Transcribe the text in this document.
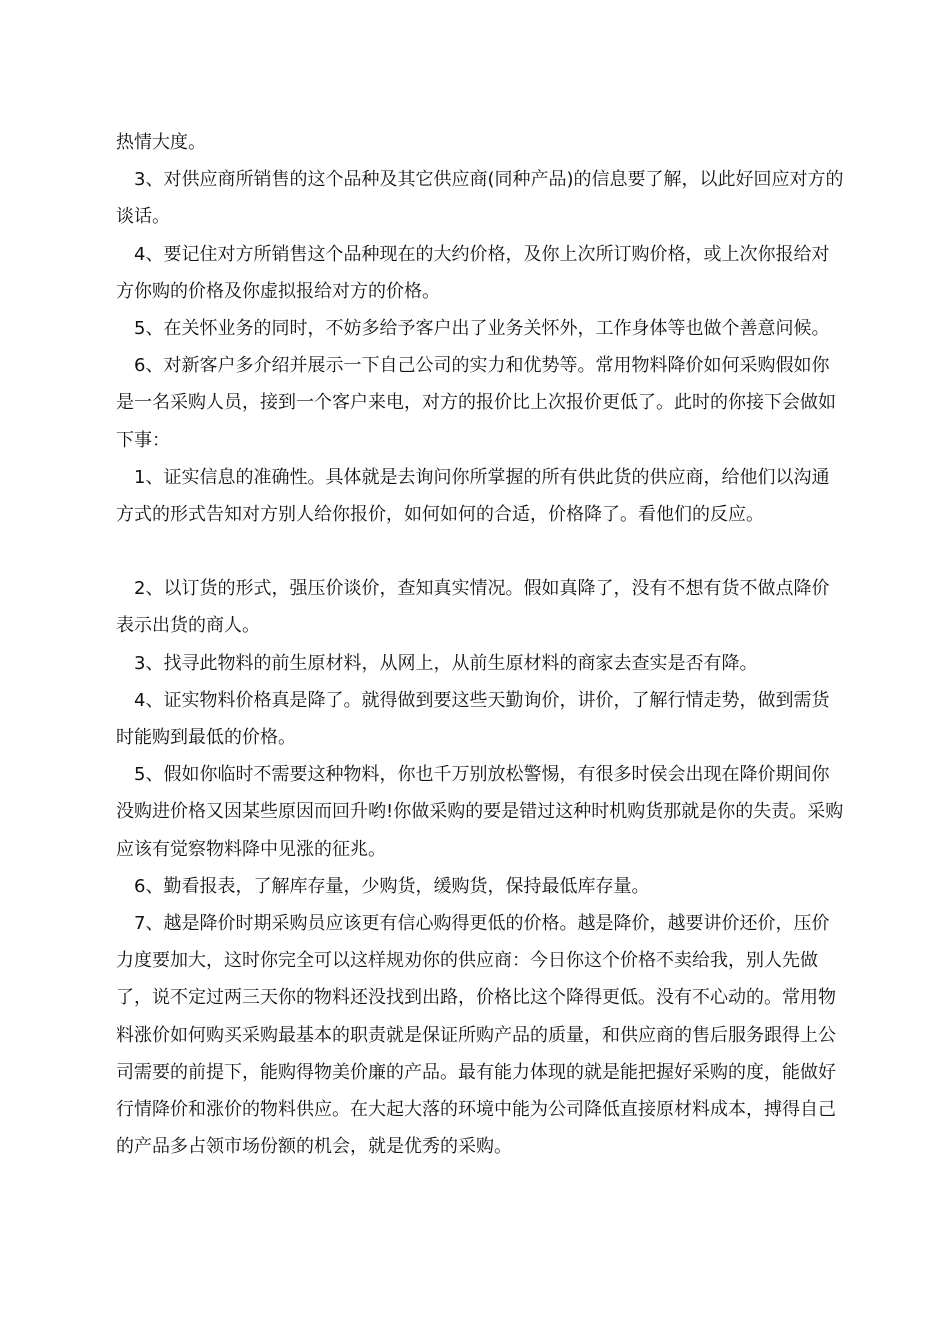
热情大度。

3、对供应商所销售的这个品种及其它供应商(同种产品)的信息要了解，以此好回应对方的谈话。

4、要记住对方所销售这个品种现在的大约价格，及你上次所订购价格，或上次你报给对方你购的价格及你虚拟报给对方的价格。

5、在关怀业务的同时，不妨多给予客户出了业务关怀外，工作身体等也做个善意问候。

6、对新客户多介绍并展示一下自己公司的实力和优势等。常用物料降价如何采购假如你是一名采购人员，接到一个客户来电，对方的报价比上次报价更低了。此时的你接下会做如下事：

1、证实信息的准确性。具体就是去询问你所掌握的所有供此货的供应商，给他们以沟通方式的形式告知对方别人给你报价，如何如何的合适，价格降了。看他们的反应。

2、以订货的形式，强压价谈价，查知真实情况。假如真降了，没有不想有货不做点降价表示出货的商人。

3、找寻此物料的前生原材料，从网上，从前生原材料的商家去查实是否有降。

4、证实物料价格真是降了。就得做到要这些天勤询价，讲价，了解行情走势，做到需货时能购到最低的价格。

5、假如你临时不需要这种物料，你也千万别放松警惕，有很多时侯会出现在降价期间你没购进价格又因某些原因而回升哟!你做采购的要是错过这种时机购货那就是你的失责。采购应该有觉察物料降中见涨的征兆。

6、勤看报表，了解库存量，少购货，缓购货，保持最低库存量。

7、越是降价时期采购员应该更有信心购得更低的价格。越是降价，越要讲价还价，压价力度要加大，这时你完全可以这样规劝你的供应商：今日你这个价格不卖给我，别人先做了，说不定过两三天你的物料还没找到出路，价格比这个降得更低。没有不心动的。常用物料涨价如何购买采购最基本的职责就是保证所购产品的质量，和供应商的售后服务跟得上公司需要的前提下，能购得物美价廉的产品。最有能力体现的就是能把握好采购的度，能做好行情降价和涨价的物料供应。在大起大落的环境中能为公司降低直接原材料成本，搏得自己的产品多占领市场份额的机会，就是优秀的采购。
